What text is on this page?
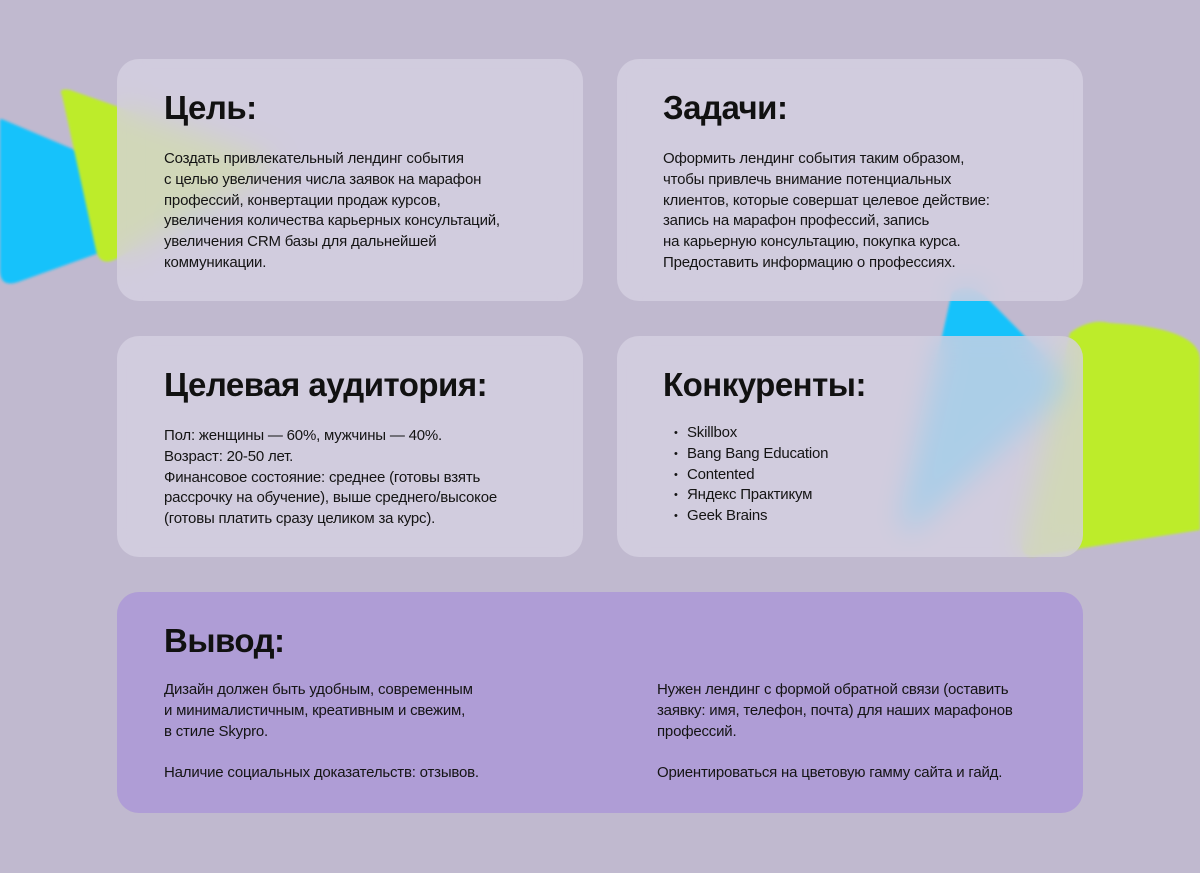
Цель:

Создать привлекательный лендинг события
с целью увеличения числа заявок на марафон
профессий, конвертации продаж курсов,
увеличения количества карьерных консультаций,
увеличения CRM базы для дальнейшей
коммуникации.

Задачи:

Оформить лендинг события таким образом,
чтобы привлечь внимание потенциальных
клиентов, которые совершат целевое действие:
запись на марафон профессий, запись
на карьерную консультацию, покупка курса.
Предоставить информацию о профессиях.

Целевая аудитория:

Пол: женщины — 60%, мужчины — 40%.
Возраст: 20-50 лет.
Финансовое состояние: среднее (готовы взять
рассрочку на обучение), выше среднего/высокое
(готовы платить сразу целиком за курс).

Конкуренты:
• Skillbox
• Bang Bang Education
• Contented
• Яндекс Практикум
• Geek Brains
Вывод:

Дизайн должен быть удобным, современным
и минималистичным, креативным и свежим,
в стиле Skypro.

Наличие социальных доказательств: отзывов.

Нужен лендинг с формой обратной связи (оставить
заявку: имя, телефон, почта) для наших марафонов
профессий.

Ориентироваться на цветовую гамму сайта и гайд.
